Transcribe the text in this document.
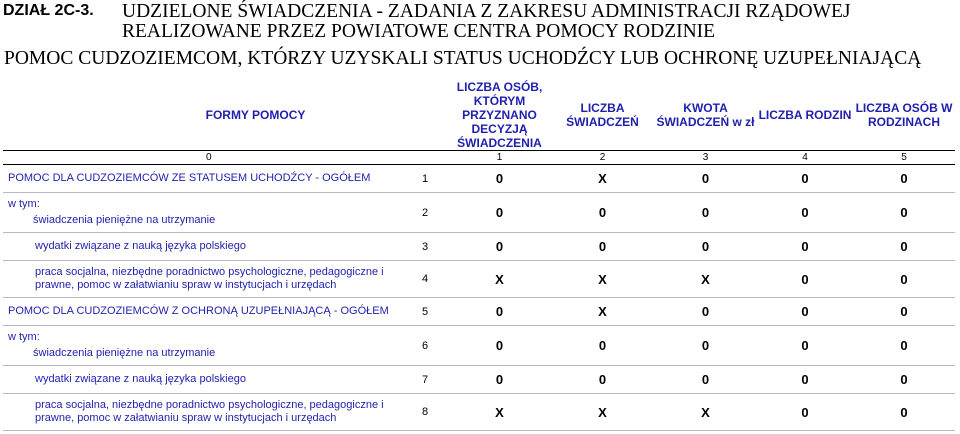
DZIAŁ 2C-3. UDZIELONE ŚWIADCZENIA - ZADANIA Z ZAKRESU ADMINISTRACJI RZĄDOWEJ
REALIZOWANE PRZEZ POWIATOWE CENTRA POMOCY RODZINIE
POMOC CUDZOZIEMCOM, KTÓRZY UZYSKALI STATUS UCHODŹCY LUB OCHRONĘ UZUPEŁNIAJĄCĄ
FORMY POMOCY		LICZBA OSÓB, KTÓRYM PRZYZNANO DECYZJĄ ŚWIADCZENIA	LICZBA ŚWIADCZEŃ	KWOTA ŚWIADCZEŃ w zł	LICZBA RODZIN	LICZBA OSÓB W RODZINACH
0		1	2	3	4	5
POMOC DLA CUDZOZIEMCÓW ZE STATUSEM UCHODŹCY - OGÓŁEM	1	0	X	0	0	0

w tym:
świadczenia pieniężne na utrzymanie	2	0	0	0	0	0
wydatki związane z nauką języka polskiego	3	0	0	0	0	0
praca socjalna, niezbędne poradnictwo psychologiczne, pedagogiczne i prawne, pomoc w załatwianiu spraw w instytucjach i urzędach	4	X	X	X	0	0
POMOC DLA CUDZOZIEMCÓW Z OCHRONĄ UZUPEŁNIAJĄCĄ - OGÓŁEM	5	0	X	0	0	0

w tym:
świadczenia pieniężne na utrzymanie	6	0	0	0	0	0
wydatki związane z nauką języka polskiego	7	0	0	0	0	0
praca socjalna, niezbędne poradnictwo psychologiczne, pedagogiczne i prawne, pomoc w załatwianiu spraw w instytucjach i urzędach	8	X	X	X	0	0
